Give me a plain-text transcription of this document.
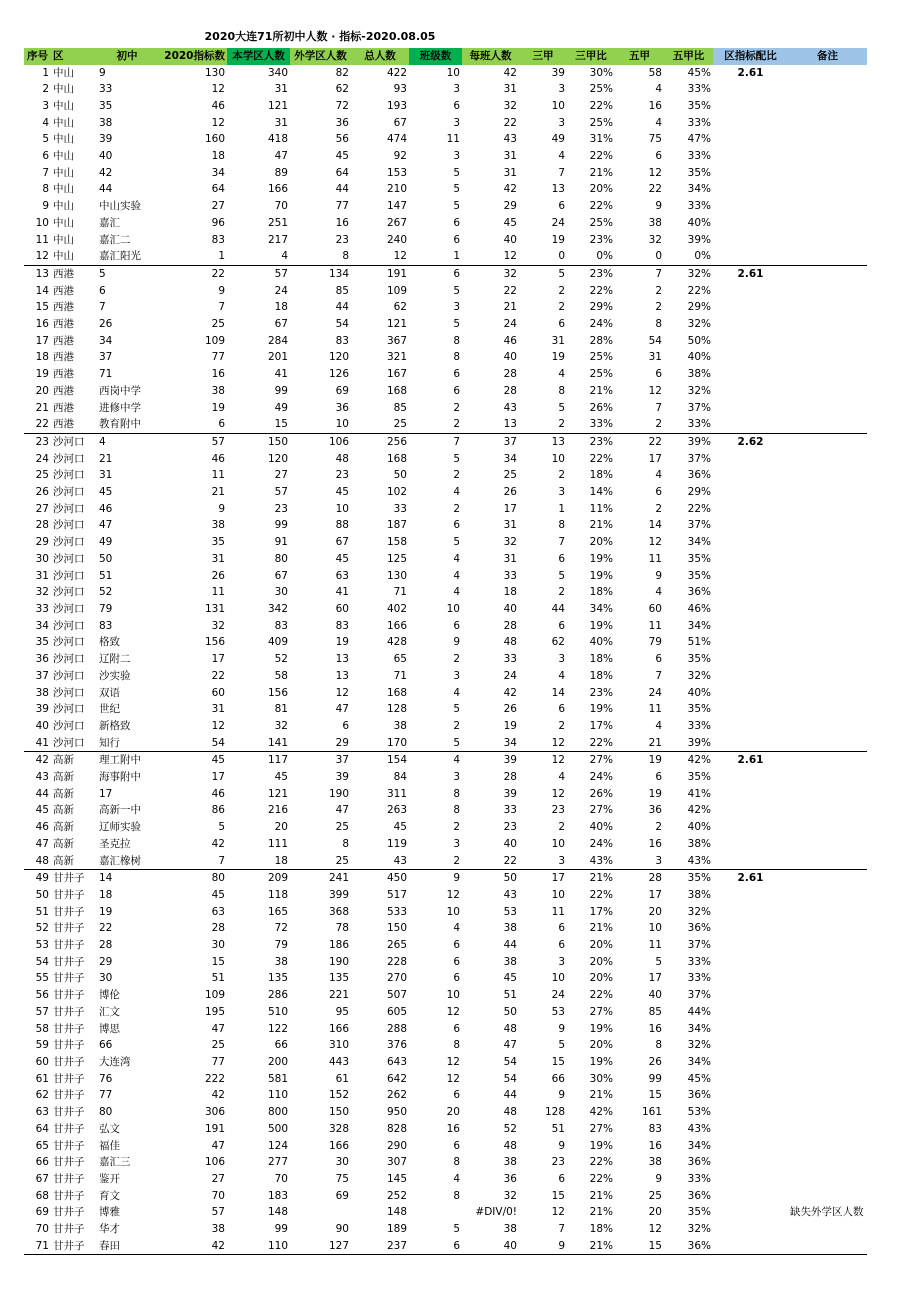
2020大连71所初中人数 · 指标-2020.08.05
序号	区	初中	2020指标数	本学区人数	外学区人数	总人数	班级数	每班人数	三甲	三甲比	五甲	五甲比	区指标配比	备注
1	中山	9	130	340	82	422	10	42	39	30%	58	45%	2.61	
2	中山	33	12	31	62	93	3	31	3	25%	4	33%		
3	中山	35	46	121	72	193	6	32	10	22%	16	35%		
4	中山	38	12	31	36	67	3	22	3	25%	4	33%		
5	中山	39	160	418	56	474	11	43	49	31%	75	47%		
6	中山	40	18	47	45	92	3	31	4	22%	6	33%		
7	中山	42	34	89	64	153	5	31	7	21%	12	35%		
8	中山	44	64	166	44	210	5	42	13	20%	22	34%		
9	中山	中山实验	27	70	77	147	5	29	6	22%	9	33%		
10	中山	嘉汇	96	251	16	267	6	45	24	25%	38	40%		
11	中山	嘉汇二	83	217	23	240	6	40	19	23%	32	39%		
12	中山	嘉汇阳光	1	4	8	12	1	12	0	0%	0	0%		
13	西港	5	22	57	134	191	6	32	5	23%	7	32%	2.61	
14	西港	6	9	24	85	109	5	22	2	22%	2	22%		
15	西港	7	7	18	44	62	3	21	2	29%	2	29%		
16	西港	26	25	67	54	121	5	24	6	24%	8	32%		
17	西港	34	109	284	83	367	8	46	31	28%	54	50%		
18	西港	37	77	201	120	321	8	40	19	25%	31	40%		
19	西港	71	16	41	126	167	6	28	4	25%	6	38%		
20	西港	西岗中学	38	99	69	168	6	28	8	21%	12	32%		
21	西港	进修中学	19	49	36	85	2	43	5	26%	7	37%		
22	西港	教育附中	6	15	10	25	2	13	2	33%	2	33%		
23	沙河口	4	57	150	106	256	7	37	13	23%	22	39%	2.62	
24	沙河口	21	46	120	48	168	5	34	10	22%	17	37%		
25	沙河口	31	11	27	23	50	2	25	2	18%	4	36%		
26	沙河口	45	21	57	45	102	4	26	3	14%	6	29%		
27	沙河口	46	9	23	10	33	2	17	1	11%	2	22%		
28	沙河口	47	38	99	88	187	6	31	8	21%	14	37%		
29	沙河口	49	35	91	67	158	5	32	7	20%	12	34%		
30	沙河口	50	31	80	45	125	4	31	6	19%	11	35%		
31	沙河口	51	26	67	63	130	4	33	5	19%	9	35%		
32	沙河口	52	11	30	41	71	4	18	2	18%	4	36%		
33	沙河口	79	131	342	60	402	10	40	44	34%	60	46%		
34	沙河口	83	32	83	83	166	6	28	6	19%	11	34%		
35	沙河口	格致	156	409	19	428	9	48	62	40%	79	51%		
36	沙河口	辽附二	17	52	13	65	2	33	3	18%	6	35%		
37	沙河口	沙实验	22	58	13	71	3	24	4	18%	7	32%		
38	沙河口	双语	60	156	12	168	4	42	14	23%	24	40%		
39	沙河口	世纪	31	81	47	128	5	26	6	19%	11	35%		
40	沙河口	新格致	12	32	6	38	2	19	2	17%	4	33%		
41	沙河口	知行	54	141	29	170	5	34	12	22%	21	39%		
42	高新	理工附中	45	117	37	154	4	39	12	27%	19	42%	2.61	
43	高新	海事附中	17	45	39	84	3	28	4	24%	6	35%		
44	高新	17	46	121	190	311	8	39	12	26%	19	41%		
45	高新	高新一中	86	216	47	263	8	33	23	27%	36	42%		
46	高新	辽师实验	5	20	25	45	2	23	2	40%	2	40%		
47	高新	圣克拉	42	111	8	119	3	40	10	24%	16	38%		
48	高新	嘉汇橡树	7	18	25	43	2	22	3	43%	3	43%		
49	甘井子	14	80	209	241	450	9	50	17	21%	28	35%	2.61	
50	甘井子	18	45	118	399	517	12	43	10	22%	17	38%		
51	甘井子	19	63	165	368	533	10	53	11	17%	20	32%		
52	甘井子	22	28	72	78	150	4	38	6	21%	10	36%		
53	甘井子	28	30	79	186	265	6	44	6	20%	11	37%		
54	甘井子	29	15	38	190	228	6	38	3	20%	5	33%		
55	甘井子	30	51	135	135	270	6	45	10	20%	17	33%		
56	甘井子	博伦	109	286	221	507	10	51	24	22%	40	37%		
57	甘井子	汇文	195	510	95	605	12	50	53	27%	85	44%		
58	甘井子	博思	47	122	166	288	6	48	9	19%	16	34%		
59	甘井子	66	25	66	310	376	8	47	5	20%	8	32%		
60	甘井子	大连湾	77	200	443	643	12	54	15	19%	26	34%		
61	甘井子	76	222	581	61	642	12	54	66	30%	99	45%		
62	甘井子	77	42	110	152	262	6	44	9	21%	15	36%		
63	甘井子	80	306	800	150	950	20	48	128	42%	161	53%		
64	甘井子	弘文	191	500	328	828	16	52	51	27%	83	43%		
65	甘井子	福佳	47	124	166	290	6	48	9	19%	16	34%		
66	甘井子	嘉汇三	106	277	30	307	8	38	23	22%	38	36%		
67	甘井子	鉴开	27	70	75	145	4	36	6	22%	9	33%		
68	甘井子	育文	70	183	69	252	8	32	15	21%	25	36%		
69	甘井子	博雅	57	148		148		#DIV/0!	12	21%	20	35%		缺失外学区人数
70	甘井子	华才	38	99	90	189	5	38	7	18%	12	32%		
71	甘井子	春田	42	110	127	237	6	40	9	21%	15	36%		
